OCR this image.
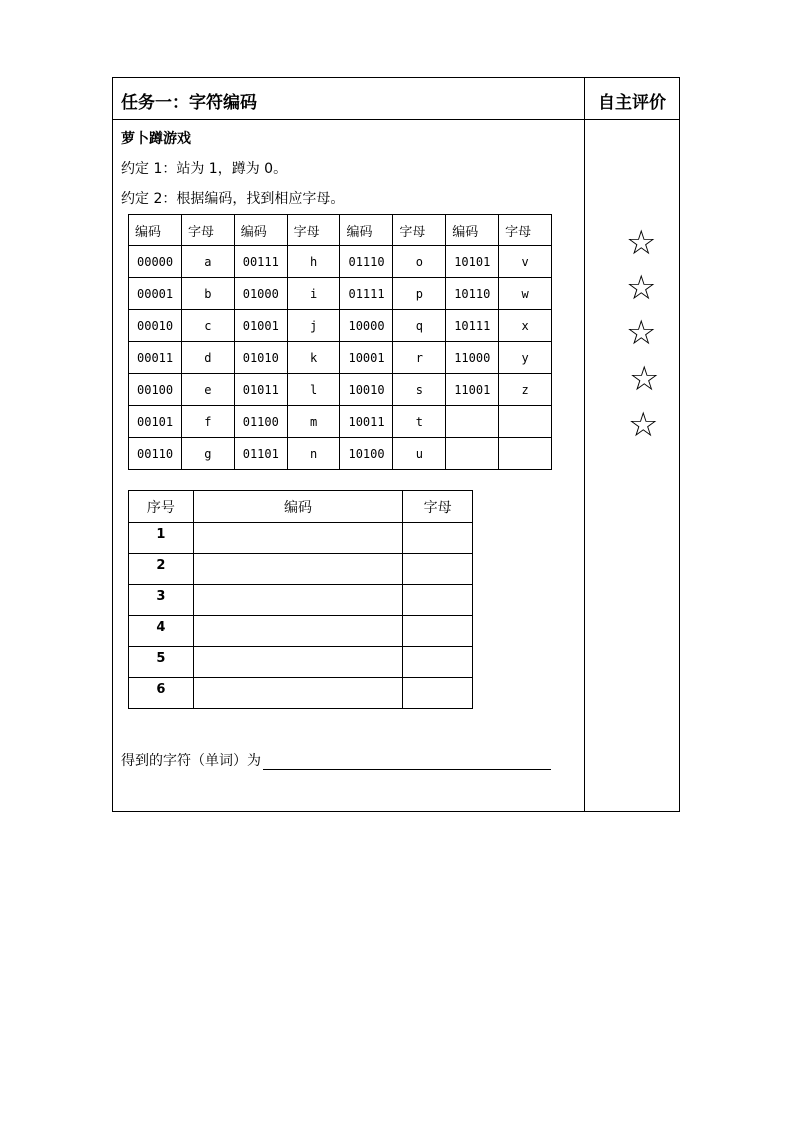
任务一：字符编码	自主评价
萝卜蹲游戏
约定 1：站为 1，蹲为 0。
约定 2：根据编码，找到相应字母。
编码	字母	编码	字母	编码	字母	编码	字母
00000	a	00111	h	01110	o	10101	v
00001	b	01000	i	01111	p	10110	w
00010	c	01001	j	10000	q	10111	x
00011	d	01010	k	10001	r	11000	y
00100	e	01011	l	10010	s	11001	z
00101	f	01100	m	10011	t		
00110	g	01101	n	10100	u		
序号	编码	字母
1		
2		
3		
4		
5		
6		
得到的字符（单词）为
☆
☆
☆
☆
☆
